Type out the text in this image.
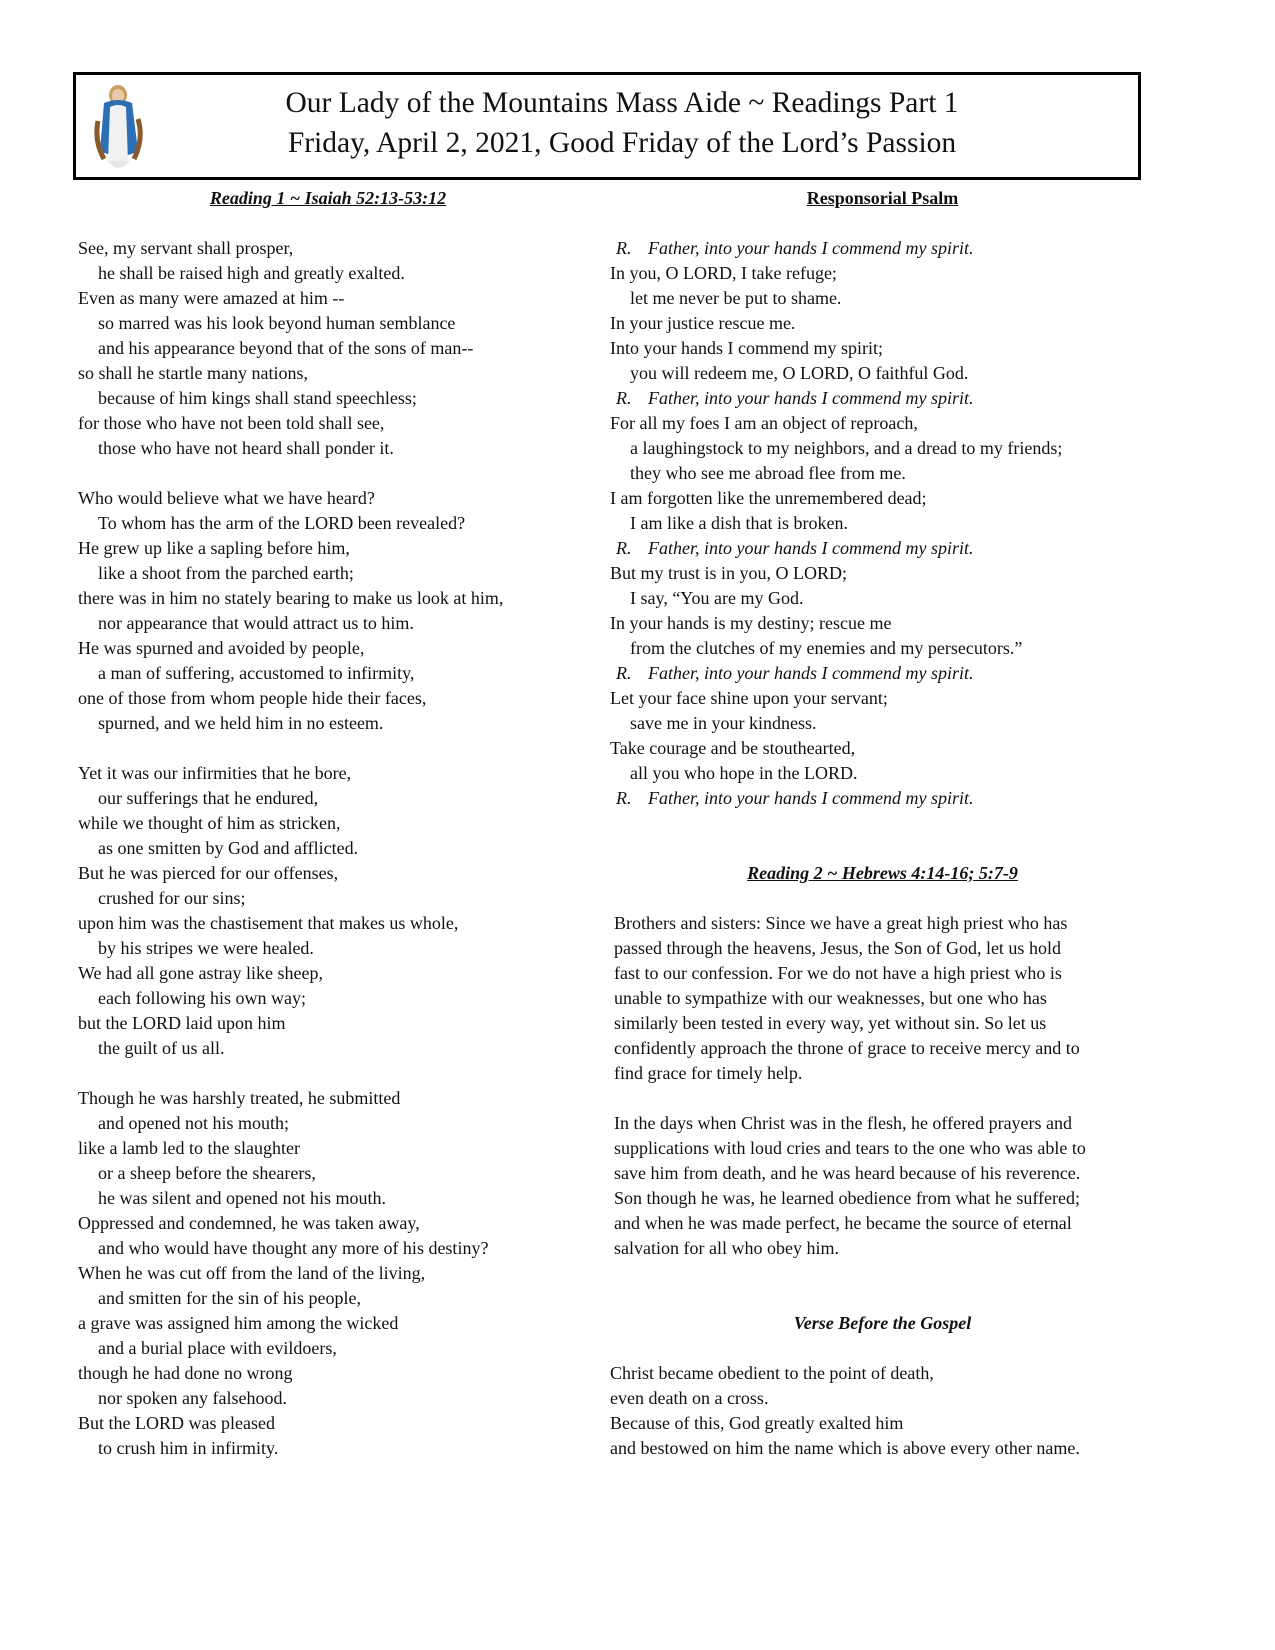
Our Lady of the Mountains Mass Aide ~ Readings Part 1
Friday, April 2, 2021, Good Friday of the Lord’s Passion
Reading 1 ~ Isaiah 52:13-53:12
See, my servant shall prosper,
he shall be raised high and greatly exalted.
Even as many were amazed at him --
so marred was his look beyond human semblance
and his appearance beyond that of the sons of man--
so shall he startle many nations,
because of him kings shall stand speechless;
for those who have not been told shall see,
those who have not heard shall ponder it.
Who would believe what we have heard?
To whom has the arm of the LORD been revealed?
He grew up like a sapling before him,
like a shoot from the parched earth;
there was in him no stately bearing to make us look at him,
nor appearance that would attract us to him.
He was spurned and avoided by people,
a man of suffering, accustomed to infirmity,
one of those from whom people hide their faces,
spurned, and we held him in no esteem.
Yet it was our infirmities that he bore,
our sufferings that he endured,
while we thought of him as stricken,
as one smitten by God and afflicted.
But he was pierced for our offenses,
crushed for our sins;
upon him was the chastisement that makes us whole,
by his stripes we were healed.
We had all gone astray like sheep,
each following his own way;
but the LORD laid upon him
the guilt of us all.
Though he was harshly treated, he submitted
and opened not his mouth;
like a lamb led to the slaughter
or a sheep before the shearers,
he was silent and opened not his mouth.
Oppressed and condemned, he was taken away,
and who would have thought any more of his destiny?
When he was cut off from the land of the living,
and smitten for the sin of his people,
a grave was assigned him among the wicked
and a burial place with evildoers,
though he had done no wrong
nor spoken any falsehood.
But the LORD was pleased
to crush him in infirmity.
Responsorial Psalm
R. Father, into your hands I commend my spirit.
In you, O LORD, I take refuge;
let me never be put to shame.
In your justice rescue me.
Into your hands I commend my spirit;
you will redeem me, O LORD, O faithful God.
R. Father, into your hands I commend my spirit.
For all my foes I am an object of reproach,
a laughingstock to my neighbors, and a dread to my friends;
they who see me abroad flee from me.
I am forgotten like the unremembered dead;
I am like a dish that is broken.
R. Father, into your hands I commend my spirit.
But my trust is in you, O LORD;
I say, “You are my God.
In your hands is my destiny; rescue me
from the clutches of my enemies and my persecutors.”
R. Father, into your hands I commend my spirit.
Let your face shine upon your servant;
save me in your kindness.
Take courage and be stouthearted,
all you who hope in the LORD.
R. Father, into your hands I commend my spirit.
Reading 2 ~ Hebrews 4:14-16; 5:7-9
Brothers and sisters: Since we have a great high priest who has
passed through the heavens, Jesus, the Son of God, let us hold
fast to our confession. For we do not have a high priest who is
unable to sympathize with our weaknesses, but one who has
similarly been tested in every way, yet without sin. So let us
confidently approach the throne of grace to receive mercy and to
find grace for timely help.
In the days when Christ was in the flesh, he offered prayers and
supplications with loud cries and tears to the one who was able to
save him from death, and he was heard because of his reverence.
Son though he was, he learned obedience from what he suffered;
and when he was made perfect, he became the source of eternal
salvation for all who obey him.
Verse Before the Gospel
Christ became obedient to the point of death,
even death on a cross.
Because of this, God greatly exalted him
and bestowed on him the name which is above every other name.
